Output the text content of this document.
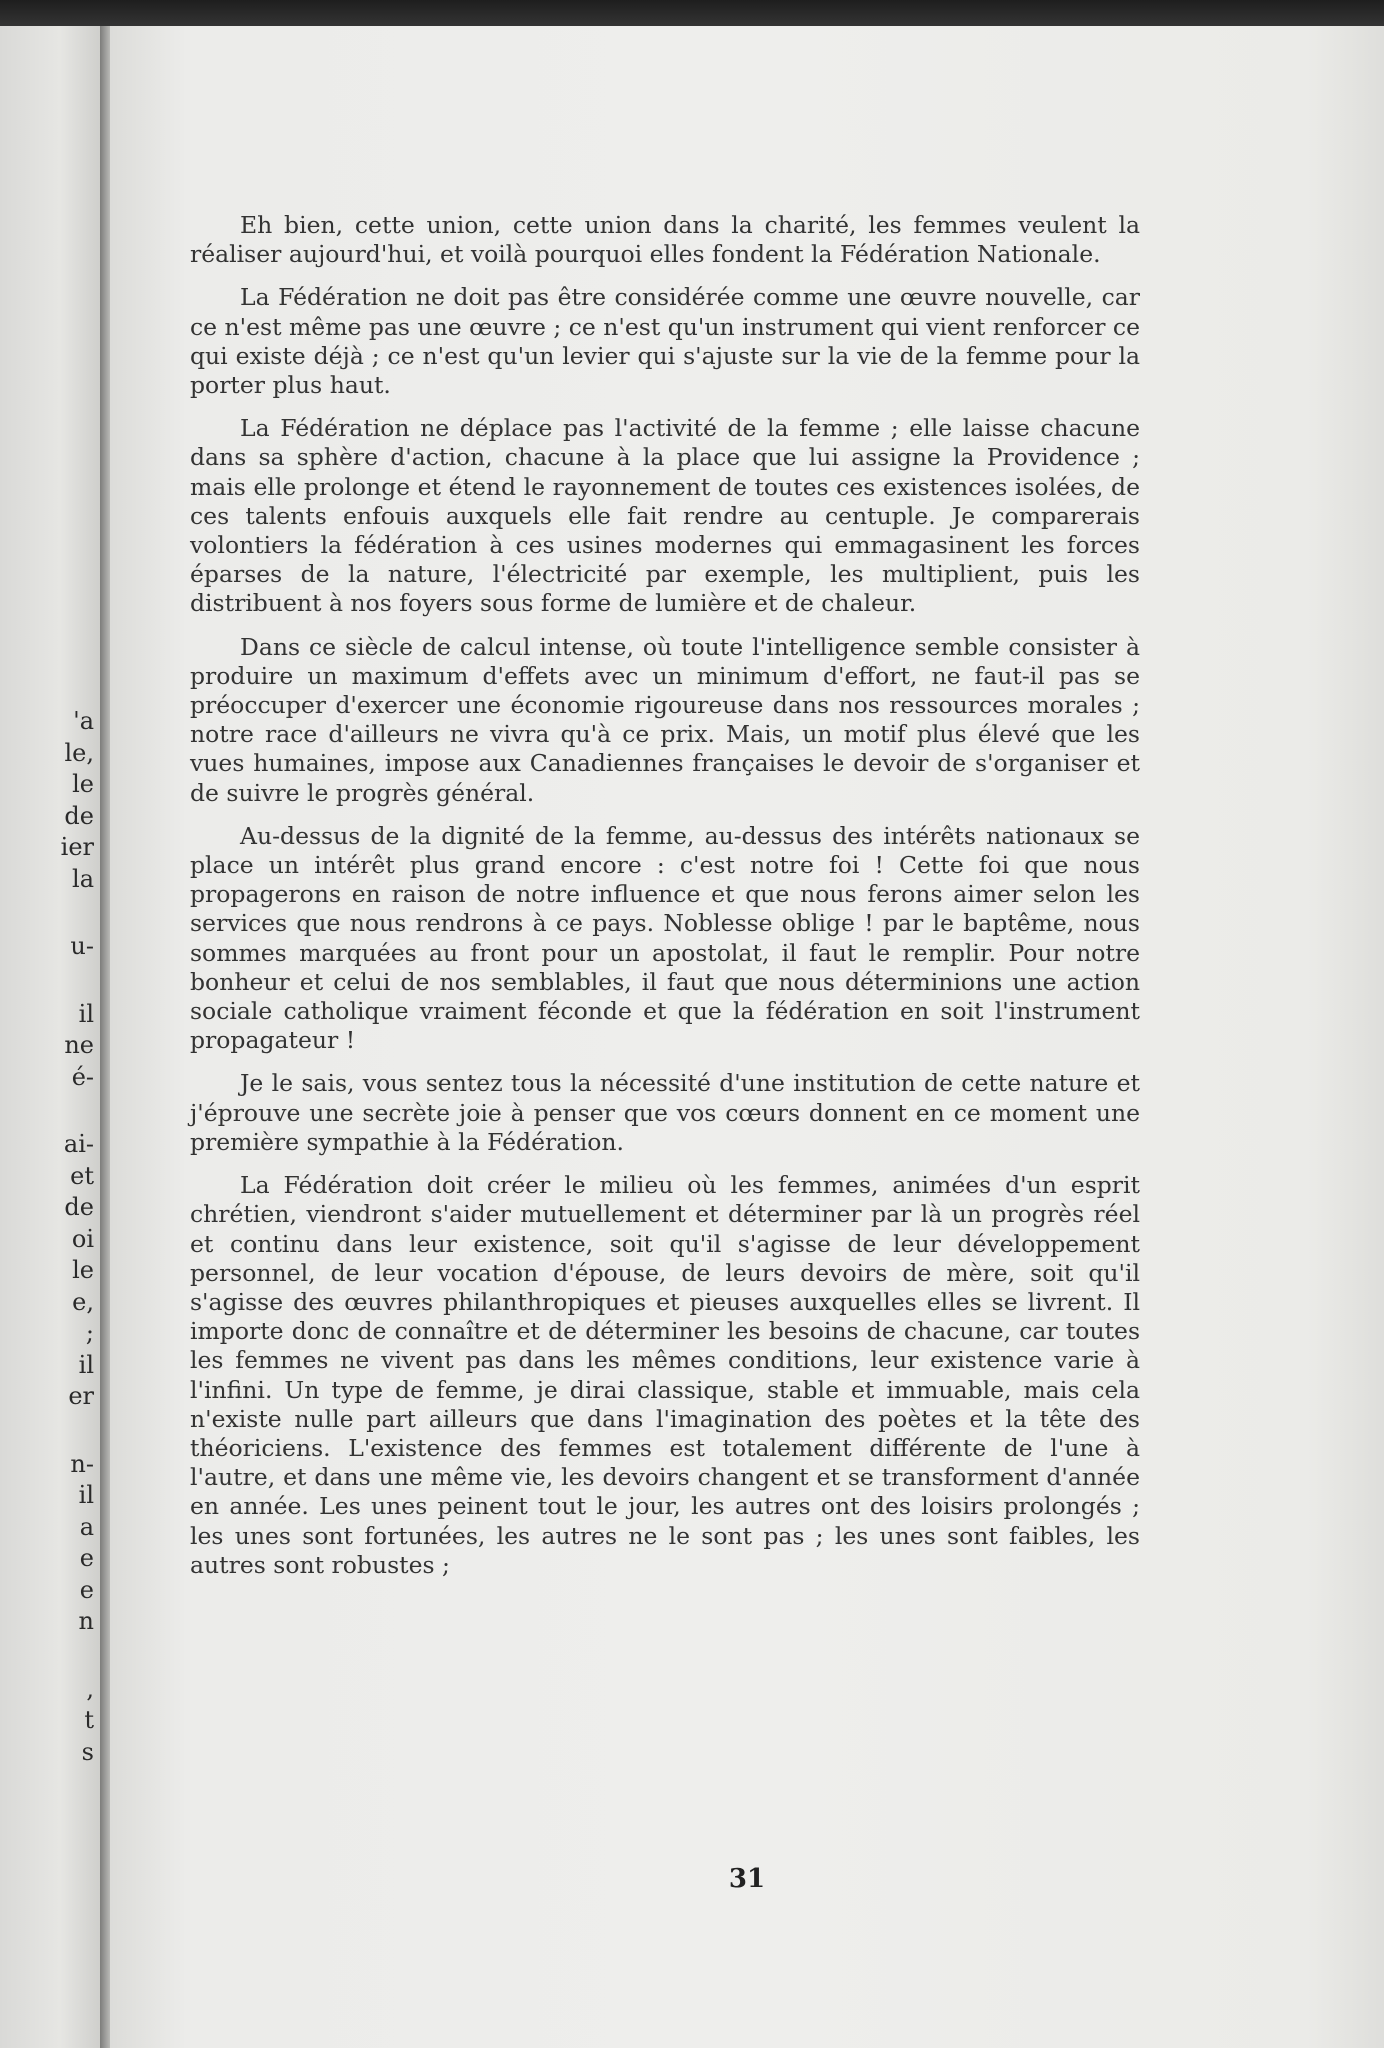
'a
le,
le
de
ier
la
u-
il
ne
é-
ai-
et
de
oi
le
e,
;
il
er
n-
il
a
e
e
n
,
t
s

Eh bien, cette union, cette union dans la charité, les femmes veulent la réaliser aujourd'hui, et voilà pourquoi elles fondent la Fédération Nationale.

La Fédération ne doit pas être considérée comme une œuvre nouvelle, car ce n'est même pas une œuvre ; ce n'est qu'un instrument qui vient renforcer ce qui existe déjà ; ce n'est qu'un levier qui s'ajuste sur la vie de la femme pour la porter plus haut.

La Fédération ne déplace pas l'activité de la femme ; elle laisse chacune dans sa sphère d'action, chacune à la place que lui assigne la Providence ; mais elle prolonge et étend le rayonnement de toutes ces existences isolées, de ces talents enfouis auxquels elle fait rendre au centuple. Je comparerais volontiers la fédération à ces usines modernes qui emmagasinent les forces éparses de la nature, l'électricité par exemple, les multiplient, puis les distribuent à nos foyers sous forme de lumière et de chaleur.

Dans ce siècle de calcul intense, où toute l'intelligence semble consister à produire un maximum d'effets avec un minimum d'effort, ne faut-il pas se préoccuper d'exercer une économie rigoureuse dans nos ressources morales ; notre race d'ailleurs ne vivra qu'à ce prix. Mais, un motif plus élevé que les vues humaines, impose aux Canadiennes françaises le devoir de s'organiser et de suivre le progrès général.

Au-dessus de la dignité de la femme, au-dessus des intérêts nationaux se place un intérêt plus grand encore : c'est notre foi ! Cette foi que nous propagerons en raison de notre influence et que nous ferons aimer selon les services que nous rendrons à ce pays. Noblesse oblige ! par le baptême, nous sommes marquées au front pour un apostolat, il faut le remplir. Pour notre bonheur et celui de nos semblables, il faut que nous déterminions une action sociale catholique vraiment féconde et que la fédération en soit l'instrument propagateur !

Je le sais, vous sentez tous la nécessité d'une institution de cette nature et j'éprouve une secrète joie à penser que vos cœurs donnent en ce moment une première sympathie à la Fédération.

La Fédération doit créer le milieu où les femmes, animées d'un esprit chrétien, viendront s'aider mutuellement et déterminer par là un progrès réel et continu dans leur existence, soit qu'il s'agisse de leur développement personnel, de leur vocation d'épouse, de leurs devoirs de mère, soit qu'il s'agisse des œuvres philanthropiques et pieuses auxquelles elles se livrent. Il importe donc de connaître et de déterminer les besoins de chacune, car toutes les femmes ne vivent pas dans les mêmes conditions, leur existence varie à l'infini. Un type de femme, je dirai classique, stable et immuable, mais cela n'existe nulle part ailleurs que dans l'imagination des poètes et la tête des théoriciens. L'existence des femmes est totalement différente de l'une à l'autre, et dans une même vie, les devoirs changent et se transforment d'année en année. Les unes peinent tout le jour, les autres ont des loisirs prolongés ; les unes sont fortunées, les autres ne le sont pas ; les unes sont faibles, les autres sont robustes ;

31
